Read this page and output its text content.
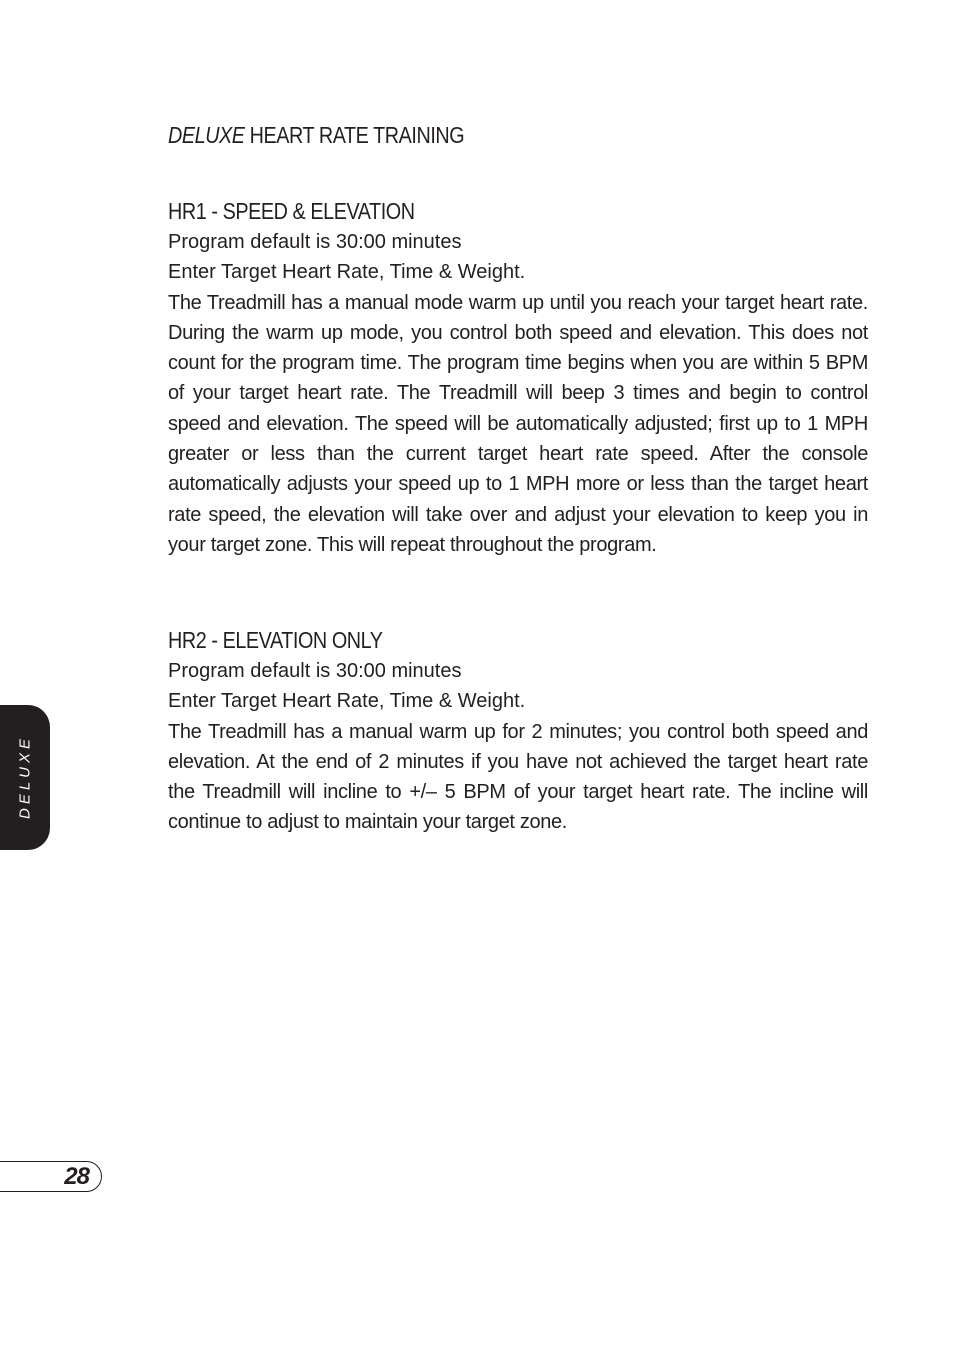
DELUXE HEART RATE TRAINING
HR1 - SPEED & ELEVATION

Program default is 30:00 minutes

Enter Target Heart Rate, Time & Weight.

The Treadmill has a manual mode warm up until you reach your target heart rate. During the warm up mode, you control both speed and elevation. This does not count for the program time. The program time begins when you are within 5 BPM of your target heart rate. The Treadmill will beep 3 times and begin to control speed and elevation. The speed will be automatically adjusted; first up to 1 MPH greater or less than the current target heart rate speed. After the console automatically adjusts your speed up to 1 MPH more or less than the target heart rate speed, the elevation will take over and adjust your elevation to keep you in your target zone. This will repeat throughout the program.

HR2 - ELEVATION ONLY

Program default is 30:00 minutes

Enter Target Heart Rate, Time & Weight.

The Treadmill has a manual warm up for 2 minutes; you control both speed and elevation. At the end of 2 minutes if you have not achieved the target heart rate the Treadmill will incline to +/– 5 BPM of your target heart rate. The incline will continue to adjust to maintain your target zone.

DELUXE
28
